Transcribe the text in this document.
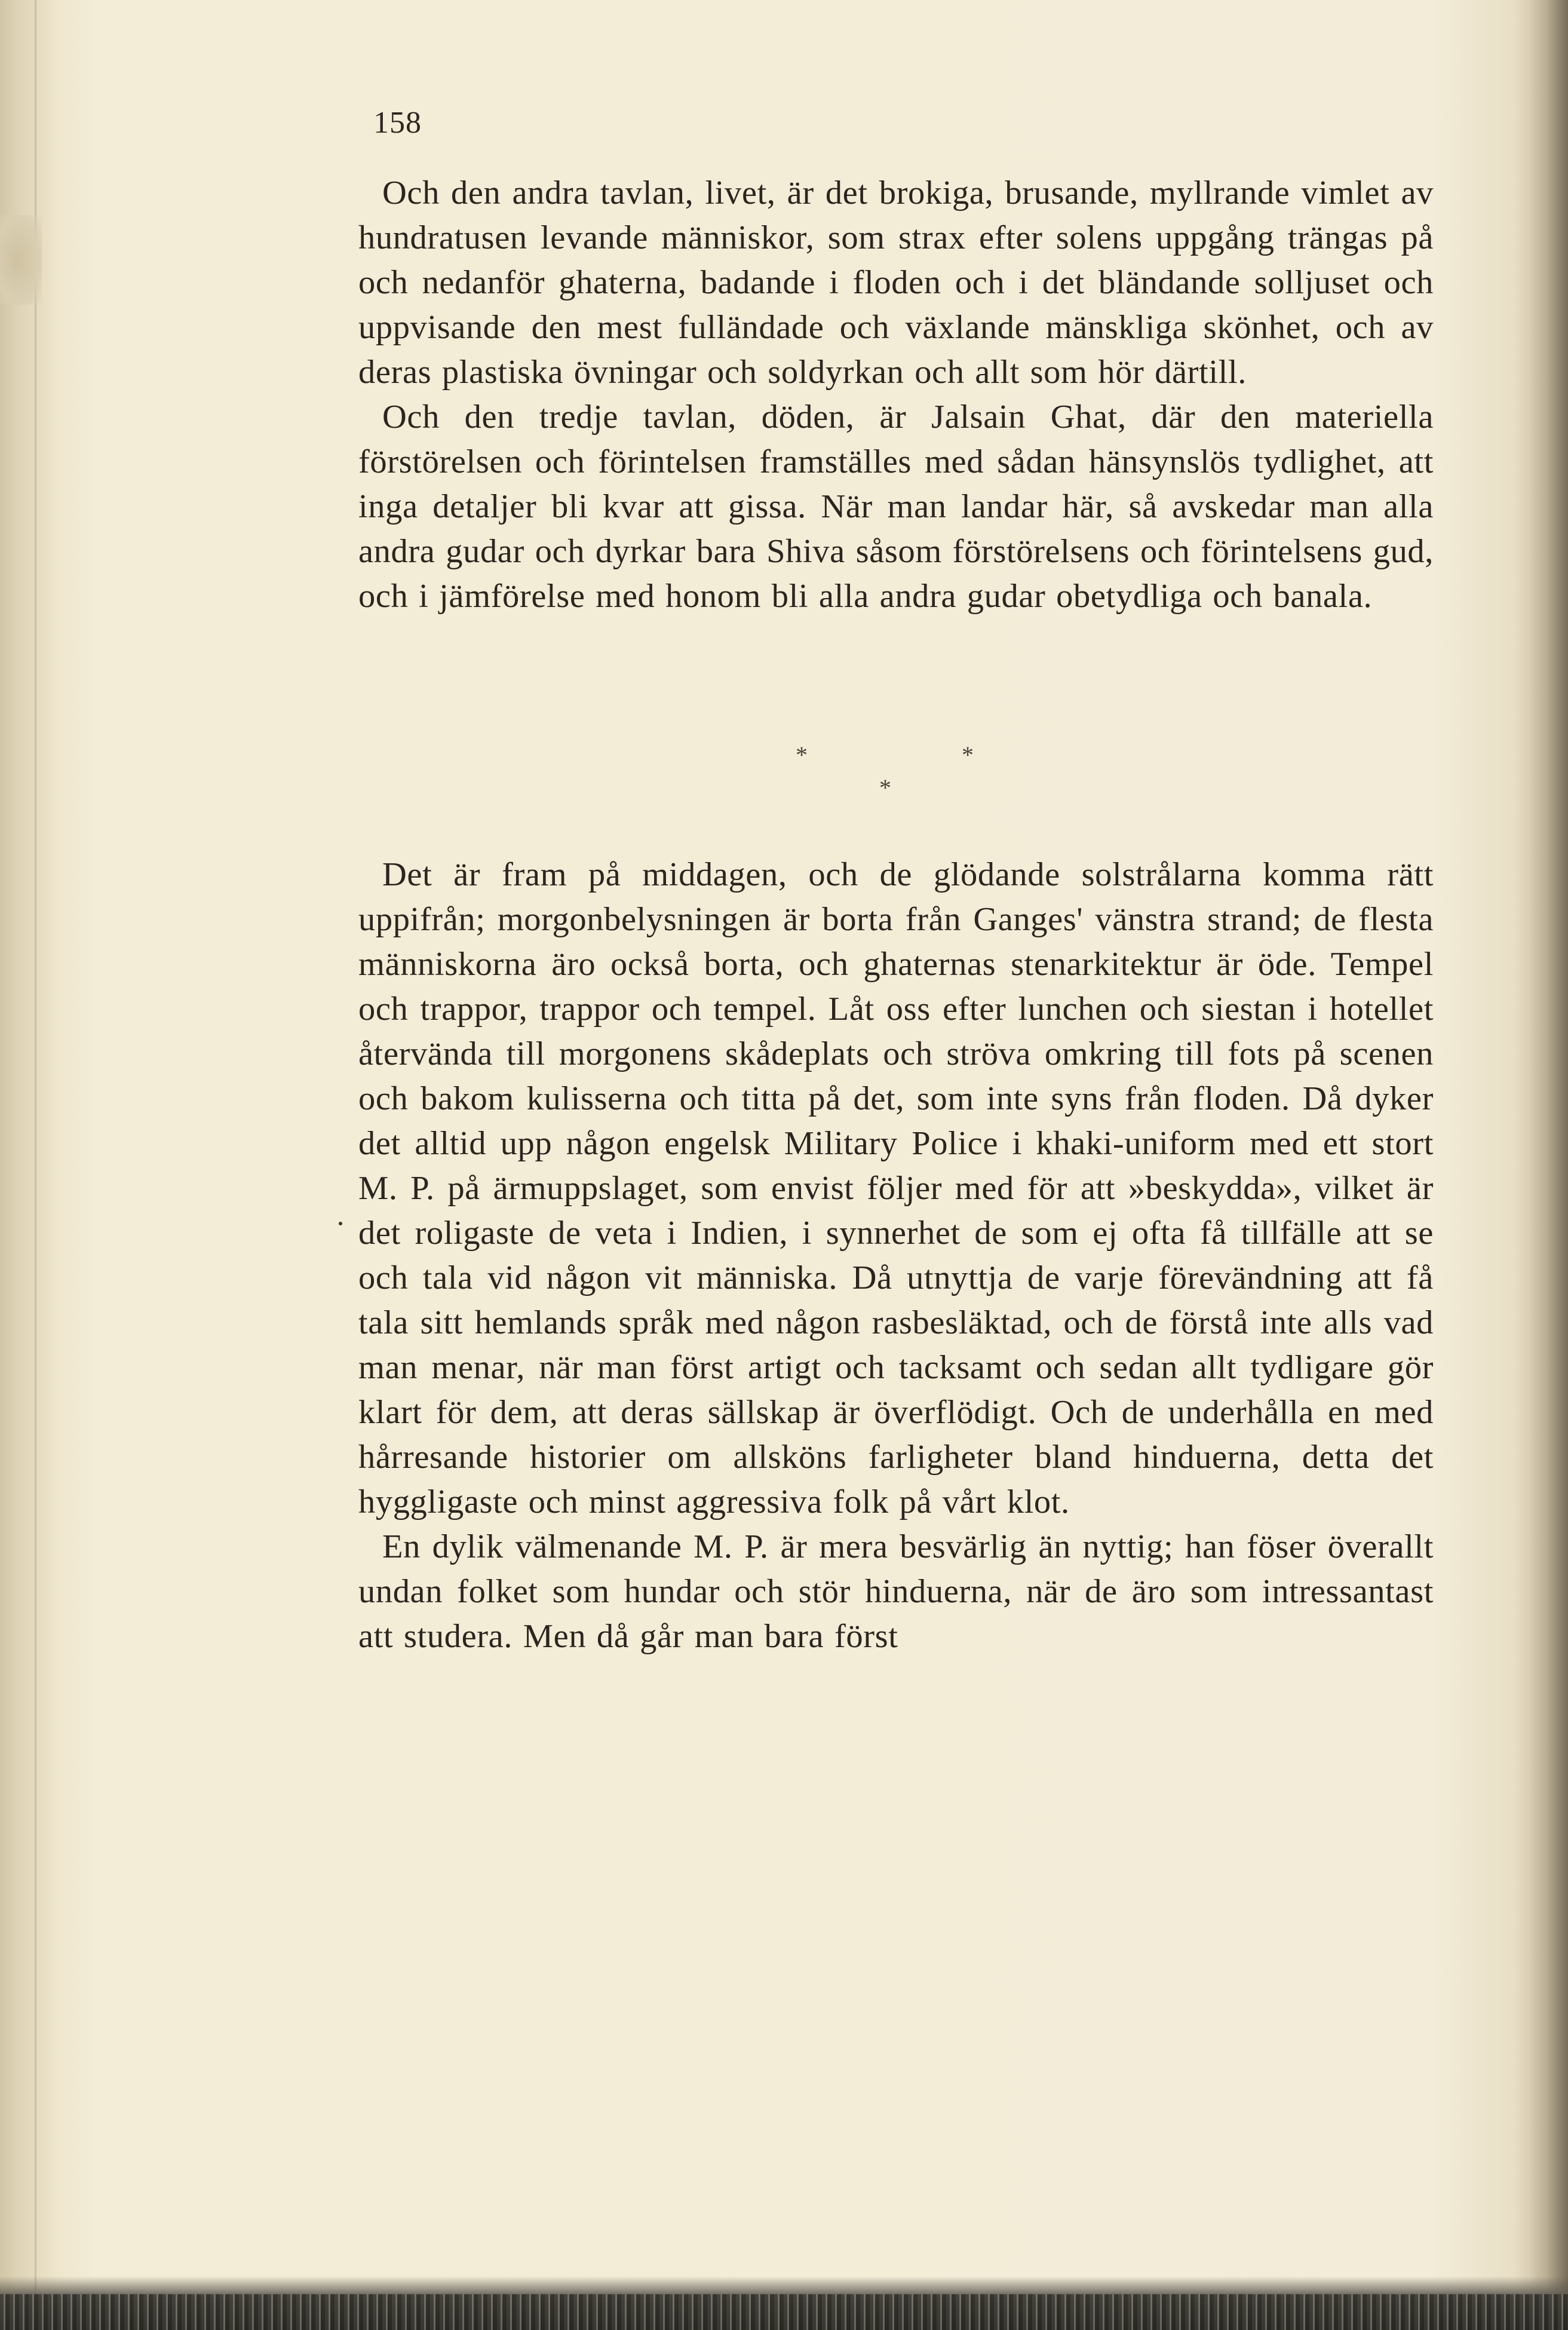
158

Och den andra tavlan, livet, är det brokiga, brusande, myllrande vimlet av hundratusen levande människor, som strax efter solens uppgång trängas på och nedanför ghaterna, badande i floden och i det bländande solljuset och uppvisande den mest fulländade och växlande mänskliga skönhet, och av deras plastiska övningar och soldyrkan och allt som hör därtill.

Och den tredje tavlan, döden, är Jalsain Ghat, där den materiella förstörelsen och förintelsen framställes med sådan hänsynslös tydlighet, att inga detaljer bli kvar att gissa. När man landar här, så avskedar man alla andra gudar och dyrkar bara Shiva såsom förstörelsens och förintelsens gud, och i jämförelse med honom bli alla andra gudar obetydliga och banala.

*	*
*

Det är fram på middagen, och de glödande solstrålarna komma rätt uppifrån; morgonbelysningen är borta från Ganges' vänstra strand; de flesta människorna äro också borta, och ghaternas stenarkitektur är öde. Tempel och trappor, trappor och tempel. Låt oss efter lunchen och siestan i hotellet återvända till morgonens skådeplats och ströva omkring till fots på scenen och bakom kulisserna och titta på det, som inte syns från floden. Då dyker det alltid upp någon engelsk Military Police i khaki-uniform med ett stort M. P. på ärmuppslaget, som envist följer med för att »beskydda», vilket är det roligaste de veta i Indien, i synnerhet de som ej ofta få tillfälle att se och tala vid någon vit människa. Då utnyttja de varje förevändning att få tala sitt hemlands språk med någon rasbesläktad, och de förstå inte alls vad man menar, när man först artigt och tacksamt och sedan allt tydligare gör klart för dem, att deras sällskap är överflödigt. Och de underhålla en med hårresande historier om allsköns farligheter bland hinduerna, detta det hyggligaste och minst aggressiva folk på vårt klot.

En dylik välmenande M. P. är mera besvärlig än nyttig; han föser överallt undan folket som hundar och stör hinduerna, när de äro som intressantast att studera. Men då går man bara först
